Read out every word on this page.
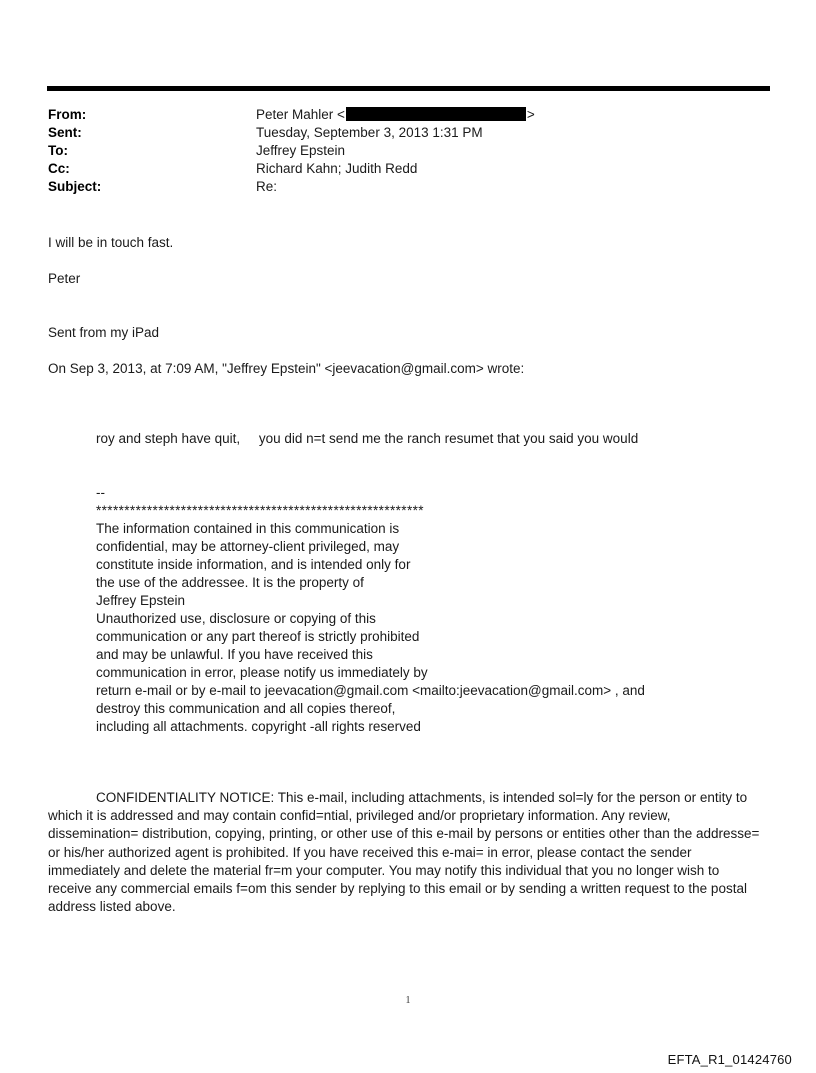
From:	Peter Mahler <	>
Sent:	Tuesday, September 3, 2013 1:31 PM
To:	Jeffrey Epstein
Cc:	Richard Kahn; Judith Redd
Subject:	Re:
I will be in touch fast.
Peter
Sent from my iPad
On Sep 3, 2013, at 7:09 AM, "Jeffrey Epstein" <jeevacation@gmail.com> wrote:
roy and steph have quit,     you did n=t send me the ranch resumet that you said you would
--
**********************************************************
The information contained in this communication is
confidential, may be attorney-client privileged, may
constitute inside information, and is intended only for
the use of the addressee. It is the property of
Jeffrey Epstein
Unauthorized use, disclosure or copying of this
communication or any part thereof is strictly prohibited
and may be unlawful. If you have received this
communication in error, please notify us immediately by
return e-mail or by e-mail to jeevacation@gmail.com <mailto:jeevacation@gmail.com> , and
destroy this communication and all copies thereof,
including all attachments. copyright -all rights reserved
CONFIDENTIALITY NOTICE: This e-mail, including attachments, is intended sol=ly for the person or entity to
which it is addressed and may contain confid=ntial, privileged and/or proprietary information. Any review,
dissemination= distribution, copying, printing, or other use of this e-mail by persons or entities other than the addresse=
or his/her authorized agent is prohibited. If you have received this e-mai= in error, please contact the sender
immediately and delete the material fr=m your computer. You may notify this individual that you no longer wish to
receive any commercial emails f=om this sender by replying to this email or by sending a written request to the postal
address listed above.
1
EFTA_R1_01424760
